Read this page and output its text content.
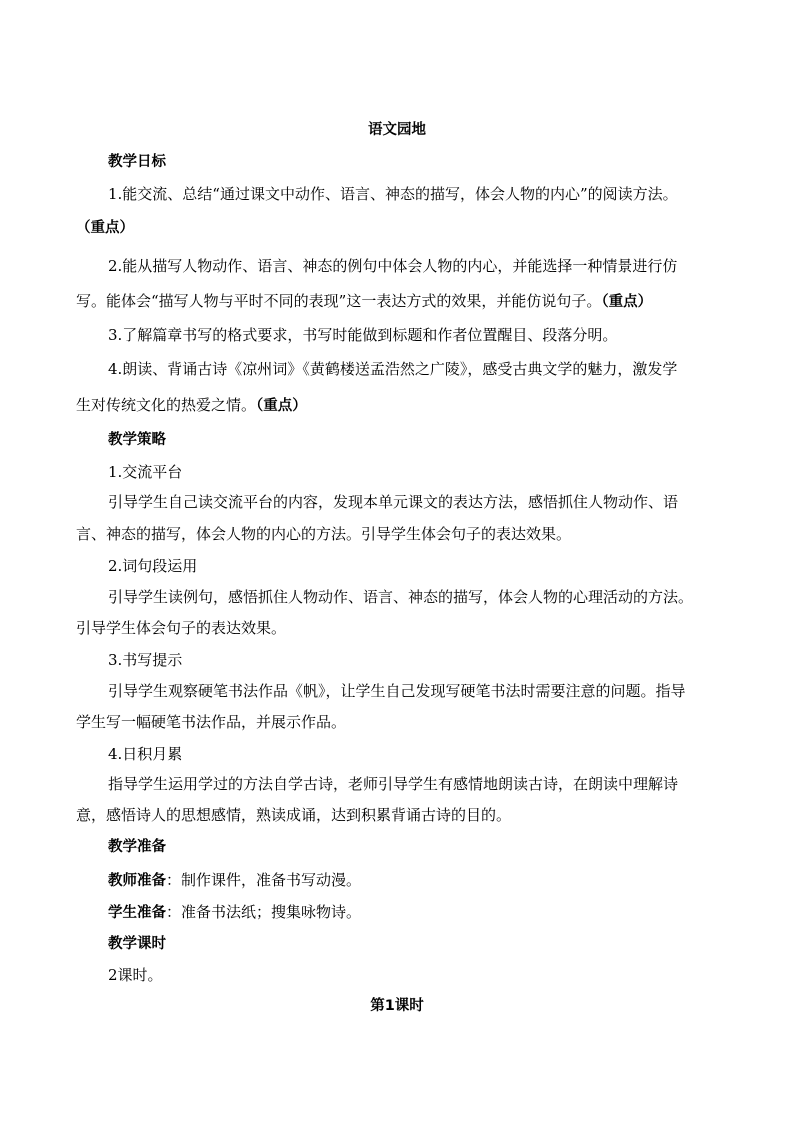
语文园地
教学日标
1.能交流、总结“通过课文中动作、语言、神态的描写，体会人物的内心”的阅读方法。
（重点）
2.能从描写人物动作、语言、神态的例句中体会人物的内心，并能选择一种情景进行仿
写。能体会“描写人物与平时不同的表现”这一表达方式的效果，并能仿说句子。（重点）
3.了解篇章书写的格式要求，书写时能做到标题和作者位置醒目、段落分明。
4.朗读、背诵古诗《凉州词》《黄鹤楼送孟浩然之广陵》，感受古典文学的魅力，激发学
生对传统文化的热爱之情。（重点）
教学策略
1.交流平台
引导学生自己读交流平台的内容，发现本单元课文的表达方法，感悟抓住人物动作、语
言、神态的描写，体会人物的内心的方法。引导学生体会句子的表达效果。
2.词句段运用
引导学生读例句，感悟抓住人物动作、语言、神态的描写，体会人物的心理活动的方法。
引导学生体会句子的表达效果。
3.书写提示
引导学生观察硬笔书法作品《帆》，让学生自己发现写硬笔书法时需要注意的问题。指导
学生写一幅硬笔书法作品，并展示作品。
4.日积月累
指导学生运用学过的方法自学古诗，老师引导学生有感情地朗读古诗，在朗读中理解诗
意，感悟诗人的思想感情，熟读成诵，达到积累背诵古诗的目的。
教学准备
教师准备：制作课件，准备书写动漫。
学生准备：准备书法纸；搜集咏物诗。
教学课时
2课时。
第1课时
